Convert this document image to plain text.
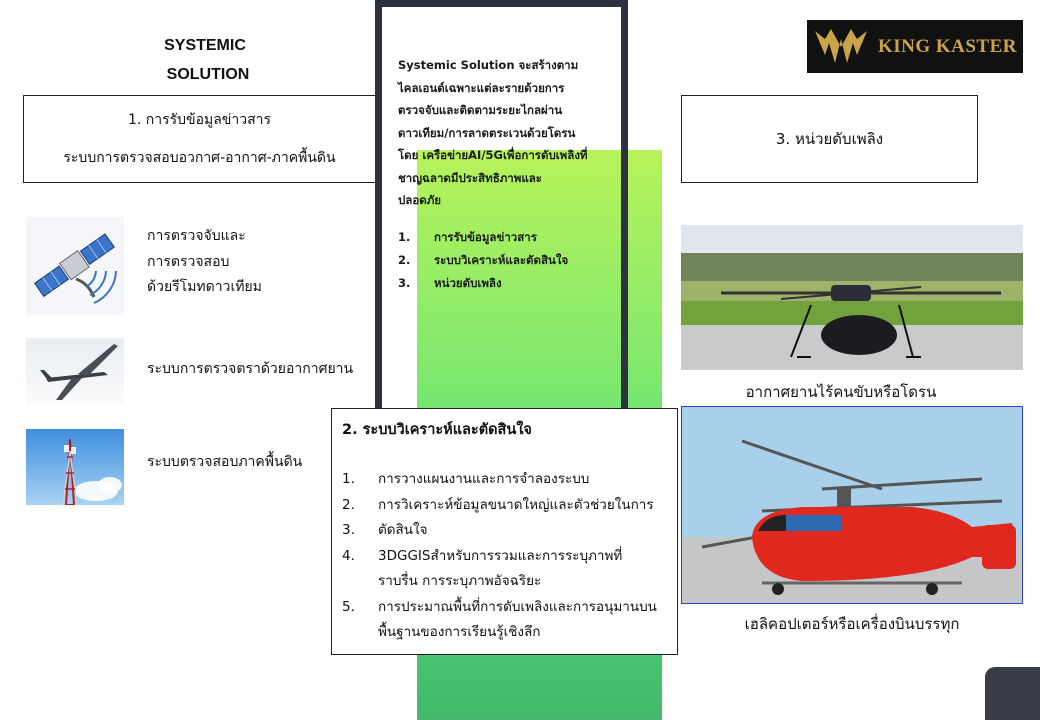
SYSTEMIC
SOLUTION
KING KASTER
1. การรับข้อมูลข่าวสาร
ระบบการตรวจสอบอวกาศ-อากาศ-ภาคพื้นดิน
Systemic Solution จะสร้างตาม
ไคลเอนต์เฉพาะแต่ละรายด้วยการ
ตรวจจับและติดตามระยะไกลผ่าน
ดาวเทียม/การลาดตระเวนด้วยโดรน
โดย เครือข่ายAI/5Gเพื่อการดับเพลิงที่
ชาญฉลาดมีประสิทธิภาพและ
ปลอดภัย
1.	การรับข้อมูลข่าวสาร
2.	ระบบวิเคราะห์และตัดสินใจ
3.	หน่วยดับเพลิง
3. หน่วยดับเพลิง
การตรวจจับและ
การตรวจสอบ
ด้วยรีโมทดาวเทียม
ระบบการตรวจตราด้วยอากาศยาน
ระบบตรวจสอบภาคพื้นดิน
อากาศยานไร้คนขับหรือโดรน
เฮลิคอปเตอร์หรือเครื่องบินบรรทุก
2. ระบบวิเคราะห์และตัดสินใจ
1.	การวางแผนงานและการจำลองระบบ
2.	การวิเคราะห์ข้อมูลขนาดใหญ่และตัวช่วยในการ
3.	ตัดสินใจ
4.	3DGGISสำหรับการรวมและการระบุภาพที่
ราบรื่น การระบุภาพอัจฉริยะ
5.	การประมาณพื้นที่การดับเพลิงและการอนุมานบน
พื้นฐานของการเรียนรู้เชิงลึก
